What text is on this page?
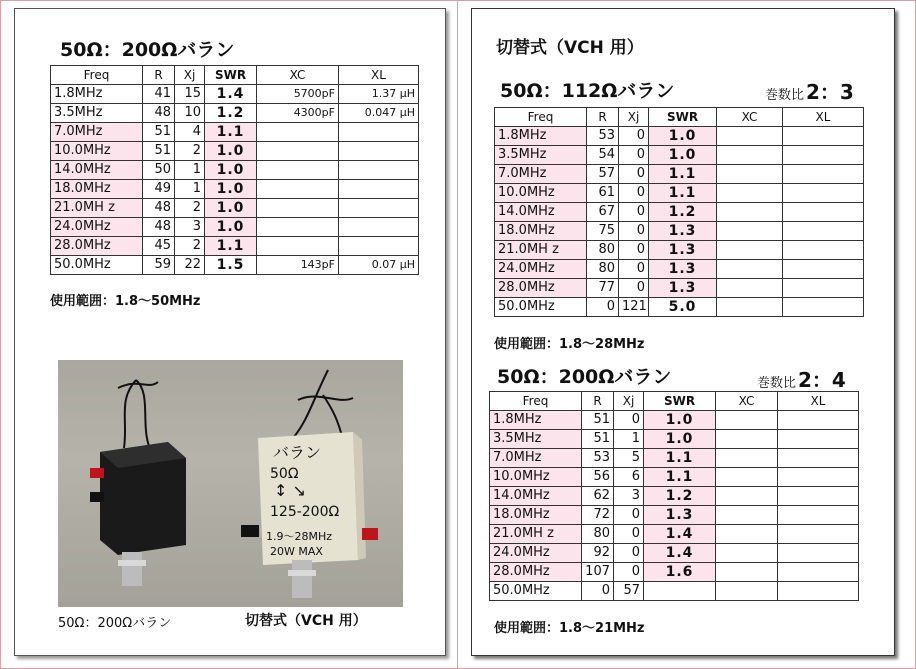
50Ω：200Ωバラン
Freq	R	Xj	SWR	XC	XL
1.8MHz	41	15	1.4	5700pF	1.37 μH
3.5MHz	48	10	1.2	4300pF	0.047 μH
7.0MHz	51	4	1.1		
10.0MHz	51	2	1.0		
14.0MHz	50	1	1.0		
18.0MHz	49	1	1.0		
21.0MH z	48	2	1.0		
24.0MHz	48	3	1.0		
28.0MHz	45	2	1.1		
50.0MHz	59	22	1.5	143pF	0.07 μH
使用範囲：1.8〜50MHz
バラン
50Ω
↕ ↘
125-200Ω
1.9〜28MHz
20W MAX
50Ω：200Ωバラン	切替式（VCH 用）
切替式（VCH 用）
50Ω：112Ωバラン	巻数比 2：3
Freq	R	Xj	SWR	XC	XL
1.8MHz	53	0	1.0		
3.5MHz	54	0	1.0		
7.0MHz	57	0	1.1		
10.0MHz	61	0	1.1		
14.0MHz	67	0	1.2		
18.0MHz	75	0	1.3		
21.0MH z	80	0	1.3		
24.0MHz	80	0	1.3		
28.0MHz	77	0	1.3		
50.0MHz	0	121	5.0		
使用範囲：1.8〜28MHz
50Ω：200Ωバラン	巻数比 2：4
Freq	R	Xj	SWR	XC	XL
1.8MHz	51	0	1.0		
3.5MHz	51	1	1.0		
7.0MHz	53	5	1.1		
10.0MHz	56	6	1.1		
14.0MHz	62	3	1.2		
18.0MHz	72	0	1.3		
21.0MH z	80	0	1.4		
24.0MHz	92	0	1.4		
28.0MHz	107	0	1.6		
50.0MHz	0	57			
使用範囲：1.8〜21MHz
